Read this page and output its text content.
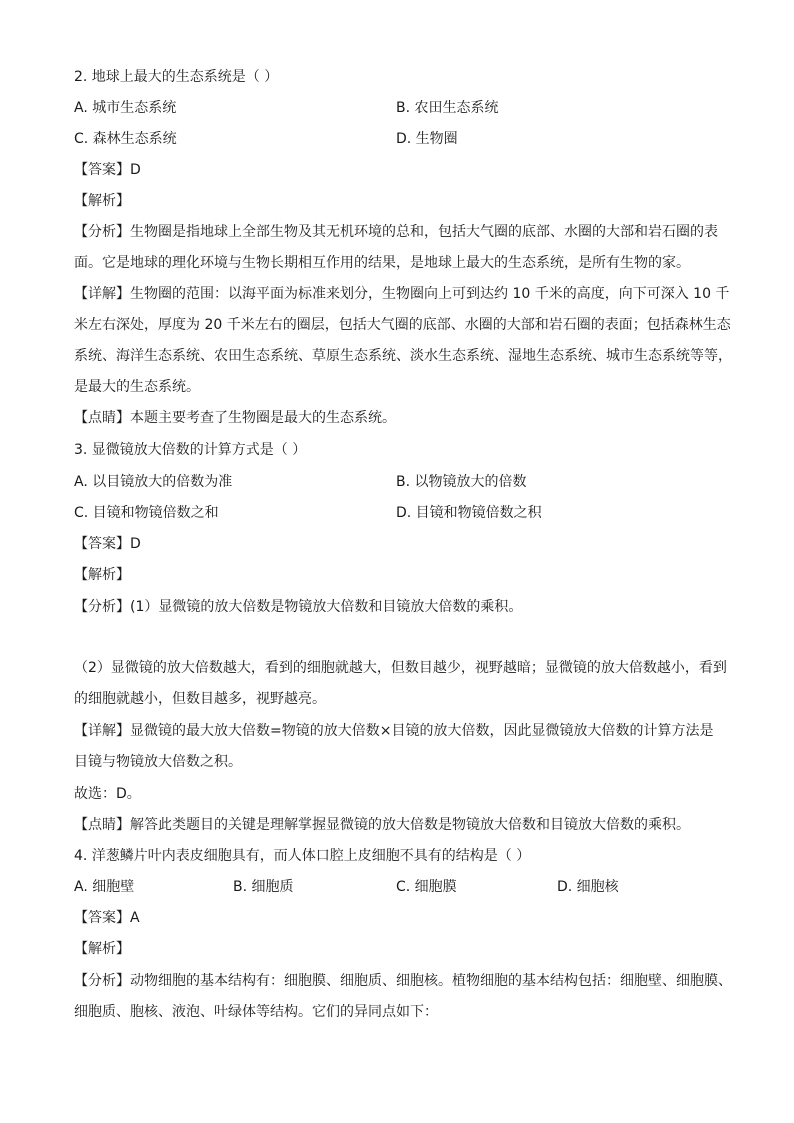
2. 地球上最大的生态系统是（ ）
A. 城市生态系统	B. 农田生态系统
C. 森林生态系统	D. 生物圈
【答案】D
【解析】
【分析】生物圈是指地球上全部生物及其无机环境的总和，包括大气圈的底部、水圈的大部和岩石圈的表
面。它是地球的理化环境与生物长期相互作用的结果，是地球上最大的生态系统，是所有生物的家。
【详解】生物圈的范围：以海平面为标准来划分，生物圈向上可到达约 10 千米的高度，向下可深入 10 千
米左右深处，厚度为 20 千米左右的圈层，包括大气圈的底部、水圈的大部和岩石圈的表面；包括森林生态
系统、海洋生态系统、农田生态系统、草原生态系统、淡水生态系统、湿地生态系统、城市生态系统等等，
是最大的生态系统。
【点睛】本题主要考查了生物圈是最大的生态系统。
3. 显微镜放大倍数的计算方式是（ ）
A. 以目镜放大的倍数为准	B. 以物镜放大的倍数
C. 目镜和物镜倍数之和	D. 目镜和物镜倍数之积
【答案】D
【解析】
【分析】(1）显微镜的放大倍数是物镜放大倍数和目镜放大倍数的乘积。
（2）显微镜的放大倍数越大，看到的细胞就越大，但数目越少，视野越暗；显微镜的放大倍数越小，看到
的细胞就越小，但数目越多，视野越亮。
【详解】显微镜的最大放大倍数=物镜的放大倍数×目镜的放大倍数，因此显微镜放大倍数的计算方法是
目镜与物镜放大倍数之积。
故选：D。
【点睛】解答此类题目的关键是理解掌握显微镜的放大倍数是物镜放大倍数和目镜放大倍数的乘积。
4. 洋葱鳞片叶内表皮细胞具有，而人体口腔上皮细胞不具有的结构是（ ）
A. 细胞壁	B. 细胞质	C. 细胞膜	D. 细胞核
【答案】A
【解析】
【分析】动物细胞的基本结构有：细胞膜、细胞质、细胞核。植物细胞的基本结构包括：细胞壁、细胞膜、
细胞质、胞核、液泡、叶绿体等结构。它们的异同点如下：
